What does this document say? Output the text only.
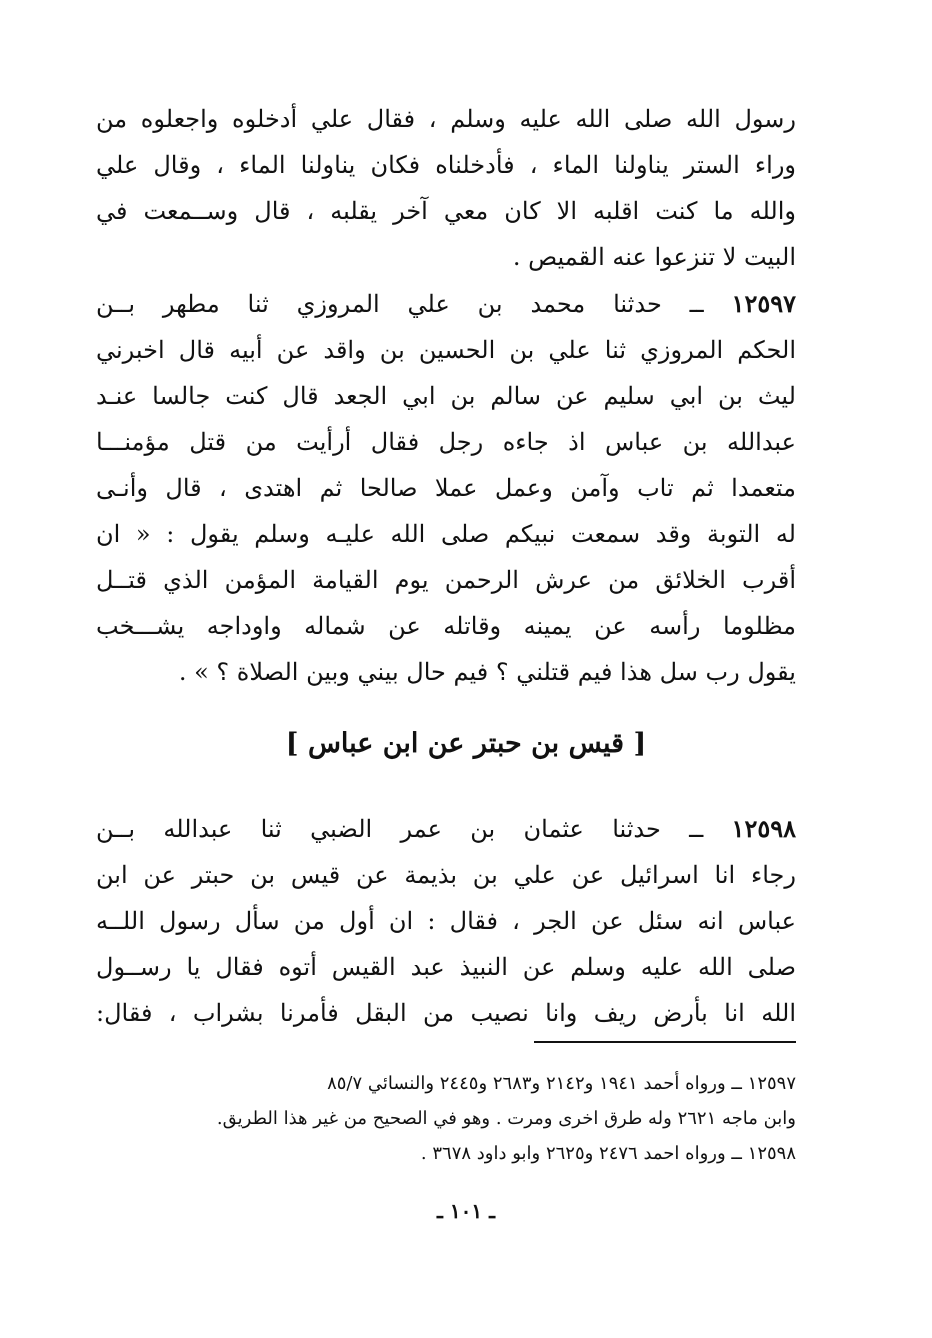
رسول الله صلى الله عليه وسلم ، فقال علي أدخلوه واجعلوه من
وراء الستر يناولنا الماء ، فأدخلناه فكان يناولنا الماء ، وقال علي
والله ما كنت اقلبه الا كان معي آخر يقلبه ، قال وســمعت في
البيت لا تنزعوا عنه القميص .
١٢٥٩٧ ــ حدثنا محمد بن علي المروزي ثنا مطهر بــن
الحكم المروزي ثنا علي بن الحسين بن واقد عن أبيه قال اخبرني
ليث بن ابي سليم عن سالم بن ابي الجعد قال كنت جالسا عنـد
عبدالله بن عباس اذ جاءه رجل فقال أرأيت من قتل مؤمنـــا
متعمدا ثم تاب وآمن وعمل عملا صالحا ثم اهتدى ، قال وأنـى
له التوبة وقد سمعت نبيكم صلى الله عليـه وسلم يقول : « ان
أقرب الخلائق من عرش الرحمن يوم القيامة المؤمن الذي قتــل
مظلوما رأسه عن يمينه وقاتله عن شماله واوداجه يشـــخب
يقول رب سل هذا فيم قتلني ؟ فيم حال بيني وبين الصلاة ؟ » .
[ قيس بن حبتر عن ابن عباس ]
١٢٥٩٨ ــ حدثنا عثمان بن عمر الضبي ثنا عبدالله بــن
رجاء انا اسرائيل عن علي بن بذيمة عن قيس بن حبتر عن ابن
عباس انه سئل عن الجر ، فقال : ان أول من سأل رسول اللــه
صلى الله عليه وسلم عن النبيذ عبد القيس أتوه فقال يا رســول
الله انا بأرض ريف وانا نصيب من البقل فأمرنا بشراب ، فقال:
١٢٥٩٧ ــ ورواه أحمد ١٩٤١ و٢١٤٢ و٢٦٨٣ و٢٤٤٥ والنسائي ٨٥/٧
وابن ماجه ٢٦٢١ وله طرق اخرى ومرت . وهو في الصحيح من غير هذا الطريق.
١٢٥٩٨ ــ ورواه احمد ٢٤٧٦ و٢٦٢٥ وابو داود ٣٦٧٨ .
ـ ١٠١ ـ
